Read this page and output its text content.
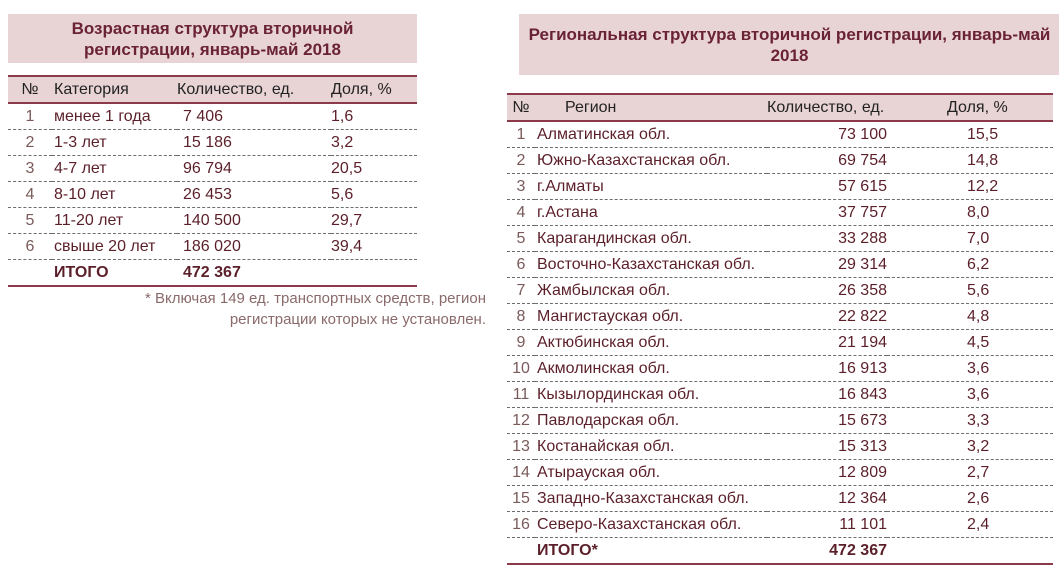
Возрастная структура вторичной регистрации, январь-май 2018
№	Категория	Количество, ед.	Доля, %
1	менее 1 года	7 406	1,6
2	1-3 лет	15 186	3,2
3	4-7 лет	96 794	20,5
4	8-10 лет	26 453	5,6
5	11-20 лет	140 500	29,7
6	свыше 20 лет	186 020	39,4
	ИТОГО	472 367	
* Включая 149 ед. транспортных средств, регион регистрации которых не установлен.
Региональная структура вторичной регистрации, январь-май 2018
№	Регион	Количество, ед.	Доля, %
1	Алматинская обл.	73 100	15,5
2	Южно-Казахстанская обл.	69 754	14,8
3	г.Алматы	57 615	12,2
4	г.Астана	37 757	8,0
5	Карагандинская обл.	33 288	7,0
6	Восточно-Казахстанская обл.	29 314	6,2
7	Жамбылская обл.	26 358	5,6
8	Мангистауская обл.	22 822	4,8
9	Актюбинская обл.	21 194	4,5
10	Акмолинская обл.	16 913	3,6
11	Кызылординская обл.	16 843	3,6
12	Павлодарская обл.	15 673	3,3
13	Костанайская обл.	15 313	3,2
14	Атырауская обл.	12 809	2,7
15	Западно-Казахстанская обл.	12 364	2,6
16	Северо-Казахстанская обл.	11 101	2,4
	ИТОГО*	472 367	
